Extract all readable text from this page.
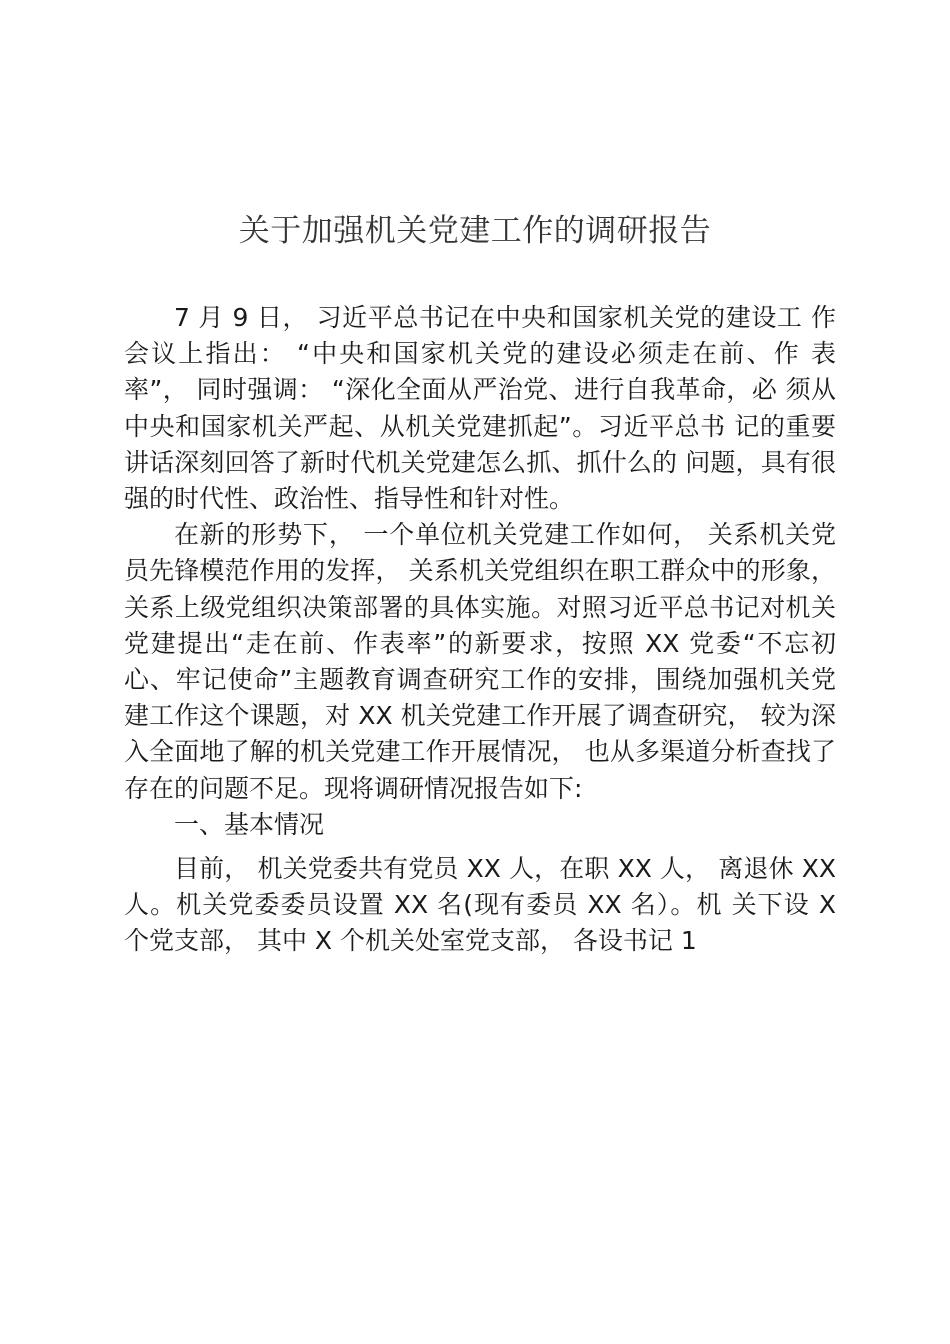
关于加强机关党建工作的调研报告

7 月 9 日， 习近平总书记在中央和国家机关党的建设工 作会议上指出： “中央和国家机关党的建设必须走在前、作 表率”， 同时强调： “深化全面从严治党、进行自我革命，必 须从中央和国家机关严起、从机关党建抓起”。习近平总书 记的重要讲话深刻回答了新时代机关党建怎么抓、抓什么的 问题，具有很强的时代性、政治性、指导性和针对性。

在新的形势下， 一个单位机关党建工作如何， 关系机关党员先锋模范作用的发挥， 关系机关党组织在职工群众中的形象， 关系上级党组织决策部署的具体实施。对照习近平总书记对机关党建提出“走在前、作表率”的新要求，按照 XX 党委“不忘初心、牢记使命”主题教育调查研究工作的安排，围绕加强机关党建工作这个课题，对 XX 机关党建工作开展了调查研究， 较为深入全面地了解的机关党建工作开展情况， 也从多渠道分析查找了存在的问题不足。现将调研情况报告如下:

一、基本情况

目前， 机关党委共有党员 XX 人，在职 XX 人， 离退休 XX 人。机关党委委员设置 XX 名(现有委员 XX 名）。机 关下设 X 个党支部， 其中 X 个机关处室党支部， 各设书记 1
